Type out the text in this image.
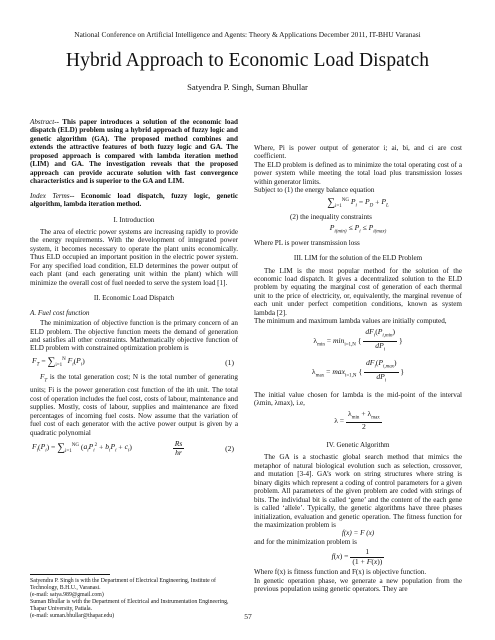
National Conference on Artificial Intelligence and Agents: Theory & Applications December 2011, IT-BHU Varanasi
Hybrid Approach to Economic Load Dispatch
Satyendra P. Singh, Suman Bhullar

Abstract-- This paper introduces a solution of the economic load dispatch (ELD) problem using a hybrid approach of fuzzy logic and genetic algorithm (GA). The proposed method combines and extends the attractive features of both fuzzy logic and GA. The proposed approach is compared with lambda iteration method (LIM) and GA. The investigation reveals that the proposed approach can provide accurate solution with fast convergence characteristics and is superior to the GA and LIM.

Index Terms-- Economic load dispatch, fuzzy logic, genetic algorithm, lambda iteration method.

I. Introduction

The area of electric power systems are increasing rapidly to provide the energy requirements. With the development of integrated power system, it becomes necessary to operate the plant units economically. Thus ELD occupied an important position in the electric power system. For any specified load condition, ELD determines the power output of each plant (and each generating unit within the plant) which will minimize the overall cost of fuel needed to serve the system load [1].

II. Economic Load Dispatch
A. Fuel cost function

The minimization of objective function is the primary concern of an ELD problem. The objective function meets the demand of generation and satisfies all other constraints. Mathematically objective function of ELD problem with constrained optimization problem is

$F_T = \sum_{i=1}^N$ $F_i(P_i)$	(1)

$F_T$ is the total generation cost; N is the total number of generating units; Fi is the power generation cost function of the ith unit. The total cost of operation includes the fuel cost, costs of labour, maintenance and supplies. Mostly, costs of labour, supplies and maintenance are fixed percentages of incoming fuel costs. Now assume that the variation of fuel cost of each generator with the active power output is given by a quadratic polynomial

$F_i(P_i) = \sum_{i=1}^{NG}$ $(a_iP_i^2 + b_iP_i + c_i)$	$\frac{Rs}{hr}$	(2)

Where, Pi is power output of generator i; ai, bi, and ci are cost coefficient.

The ELD problem is defined as to minimize the total operating cost of a power system while meeting the total load plus transmission losses within generator limits.

Subject to (1) the energy balance equation

$\sum_{i=1}^{NG}$ $P_i = P_D + P_L$

(2) the inequality constraints

$P_{i(min)} \le P_i \le P_{i(max)}$

Where PL is power transmission loss

III. LIM for the solution of the ELD Problem

The LIM is the most popular method for the solution of the economic load dispatch. It gives a decentralized solution to the ELD problem by equating the marginal cost of generation of each thermal unit to the price of electricity, or, equivalently, the marginal revenue of each unit under perfect competition conditions, known as system lambda [2].

The minimum and maximum lambda values are initially computed,

$\lambda_{min} = \min_{i=1,N}$ { $\frac{dF_i(P_{i,min})}{dP_i}$ }
$\lambda_{max} = \max_{i=1,N}$ { $\frac{dF_i(P_{i,max})}{dP_i}$ }

The initial value chosen for lambda is the mid-point of the interval (λmin, λmax), i.e,

$\lambda = \frac{\lambda_{min} + \lambda_{max}}{2}$
IV. Genetic Algorithm

The GA is a stochastic global search method that mimics the metaphor of natural biological evolution such as selection, crossover, and mutation [3-4]. GA’s work on string structures where string is binary digits which represent a coding of control parameters for a given problem. All parameters of the given problem are coded with strings of bits. The individual bit is called ‘gene’ and the content of the each gene is called ‘allele’. Typically, the genetic algorithms have three phases initialization, evaluation and genetic operation. The fitness function for the maximization problem is

f(x) = F (x)

and for the minimization problem is

$f(x) = \frac{1}{(1 + F(x))}$

Where f(x) is fitness function and F(x) is objective function.

In genetic operation phase, we generate a new population from the previous population using genetic operators. They are

Satyendra P. Singh is with the Department of Electrical Engineering, Institute of Technology, B.H.U., Varanasi.

(e-mail: satya.989@gmail.com)

Suman Bhullar is with the Department of Electrical and Instrumentation Engineering, Thapar University, Patiala.

(e-mail: suman.bhullar@thapar.edu)	57
